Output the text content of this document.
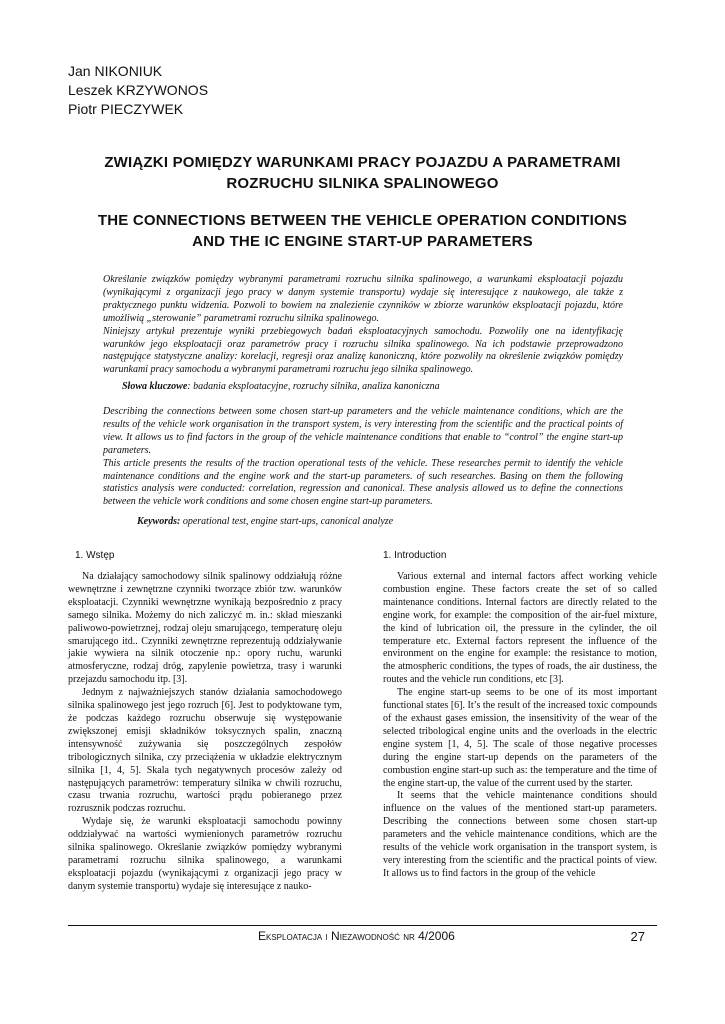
Jan NIKONIUK
Leszek KRZYWONOS
Piotr PIECZYWEK
ZWIĄZKI POMIĘDZY WARUNKAMI PRACY POJAZDU A PARAMETRAMI
ROZRUCHU SILNIKA SPALINOWEGO
THE CONNECTIONS BETWEEN THE VEHICLE OPERATION CONDITIONS
AND THE IC ENGINE START-UP PARAMETERS

Określanie związków pomiędzy wybranymi parametrami rozruchu silnika spalinowego, a warunkami eksploatacji pojazdu (wynikającymi z organizacji jego pracy w danym systemie transportu) wydaje się interesujące z naukowego, ale także z praktycznego punktu widzenia. Pozwoli to bowiem na znalezienie czynników w zbiorze warunków eksploatacji pojazdu, które umożliwią „sterowanie” parametrami rozruchu silnika spalinowego.

Niniejszy artykuł prezentuje wyniki przebiegowych badań eksploatacyjnych samochodu. Pozwoliły one na identyfikację warunków jego eksploatacji oraz parametrów pracy i rozruchu silnika spalinowego. Na ich podstawie przeprowadzono następujące statystyczne analizy: korelacji, regresji oraz analizę kanoniczną, które pozwoliły na określenie związków pomiędzy warunkami pracy samochodu a wybranymi parametrami rozruchu jego silnika spalinowego.

Słowa kluczowe: badania eksploatacyjne, rozruchy silnika, analiza kanoniczna

Describing the connections between some chosen start-up parameters and the vehicle maintenance conditions, which are the results of the vehicle work organisation in the transport system, is very interesting from the scientific and the practical points of view. It allows us to find factors in the group of the vehicle maintenance conditions that enable to “control” the engine start-up parameters.

This article presents the results of the traction operational tests of the vehicle. These researches permit to identify the vehicle maintenance conditions and the engine work and the start-up parameters. of such researches. Basing on them the following statistics analysis were conducted: correlation, regression and canonical. These analysis allowed us to define the connections between the vehicle work conditions and some chosen engine start-up parameters.

Keywords: operational test, engine start-ups, canonical analyze
1. Wstęp

Na działający samochodowy silnik spalinowy oddziałują różne wewnętrzne i zewnętrzne czynniki tworzące zbiór tzw. warunków eksploatacji. Czynniki wewnętrzne wynikają bezpośrednio z pracy samego silnika. Możemy do nich zaliczyć m. in.: skład mieszanki paliwowo-powietrznej, rodzaj oleju smarującego, temperaturę oleju smarującego itd.. Czynniki zewnętrzne reprezentują oddziaływanie jakie wywiera na silnik otoczenie np.: opory ruchu, warunki atmosferyczne, rodzaj dróg, zapylenie powietrza, trasy i warunki przejazdu samochodu itp. [3].

Jednym z najważniejszych stanów działania samochodowego silnika spalinowego jest jego rozruch [6]. Jest to podyktowane tym, że podczas każdego rozruchu obserwuje się występowanie zwiększonej emisji składników toksycznych spalin, znaczną intensywność zużywania się poszczególnych zespołów tribologicznych silnika, czy przeciążenia w układzie elektrycznym silnika [1, 4, 5]. Skala tych negatywnych procesów zależy od następujących parametrów: temperatury silnika w chwili rozruchu, czasu trwania rozruchu, wartości prądu pobieranego przez rozrusznik podczas rozruchu.

Wydaje się, że warunki eksploatacji samochodu powinny oddziaływać na wartości wymienionych parametrów rozruchu silnika spalinowego. Określanie związków pomiędzy wybranymi parametrami rozruchu silnika spalinowego, a warunkami eksploatacji pojazdu (wynikającymi z organizacji jego pracy w danym systemie transportu) wydaje się interesujące z nauko-

1. Introduction

Various external and internal factors affect working vehicle combustion engine. These factors create the set of so called maintenance conditions. Internal factors are directly related to the engine work, for example: the composition of the air-fuel mixture, the kind of lubrication oil, the pressure in the cylinder, the oil temperature etc. External factors represent the influence of the environment on the engine for example: the resistance to motion, the atmospheric conditions, the types of roads, the air dustiness, the routes and the vehicle run conditions, etc [3].

The engine start-up seems to be one of its most important functional states [6]. It’s the result of the increased toxic compounds of the exhaust gases emission, the insensitivity of the wear of the selected tribological engine units and the overloads in the electric engine system [1, 4, 5]. The scale of those negative processes during the engine start-up depends on the parameters of the combustion engine start-up such as: the temperature and the time of the engine start-up, the value of the current used by the starter.

It seems that the vehicle maintenance conditions should influence on the values of the mentioned start-up parameters. Describing the connections between some chosen start-up parameters and the vehicle maintenance conditions, which are the results of the vehicle work organisation in the transport system, is very interesting from the scientific and the practical points of view. It allows us to find factors in the group of the vehicle

Eksploatacja i Niezawodność nr 4/2006	27
